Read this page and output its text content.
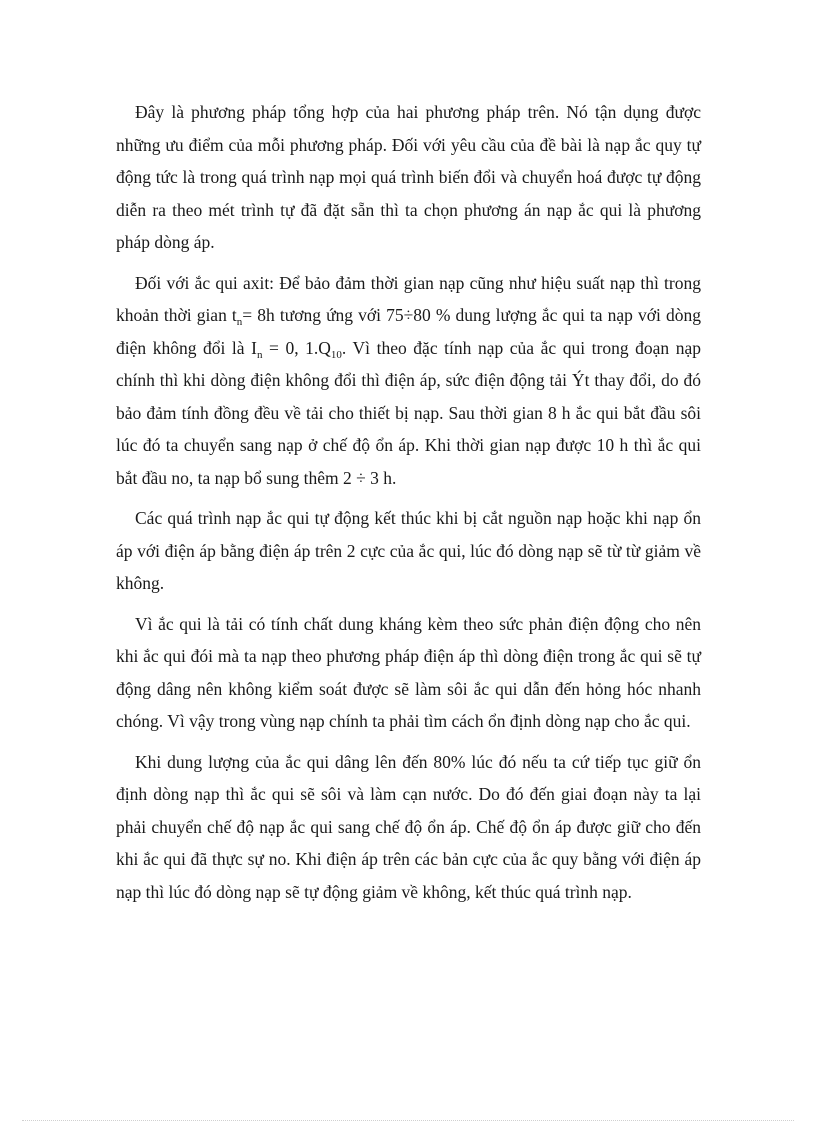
Đây là phương pháp tổng hợp của hai phương pháp trên. Nó tận dụng được những ưu điểm của mỗi phương pháp. Đối với yêu cầu của đề bài là nạp ắc quy tự động tức là trong quá trình nạp mọi quá trình biến đổi và chuyển hoá được tự động diễn ra theo mét trình tự đã đặt sẵn thì ta chọn phương án nạp ắc qui là phương pháp dòng áp.

Đối với ắc qui axit: Để bảo đảm thời gian nạp cũng như hiệu suất nạp thì trong khoản thời gian $t_n= 8h$ tương ứng với 75÷80 % dung lượng ắc qui ta nạp với dòng điện không đổi là $I_n = 0$, $1.Q_{10}$. Vì theo đặc tính nạp của ắc qui trong đoạn nạp chính thì khi dòng điện không đổi thì điện áp, sức điện động tải Ýt thay đổi, do đó bảo đảm tính đồng đều về tải cho thiết bị nạp. Sau thời gian 8 h ắc qui bắt đầu sôi lúc đó ta chuyển sang nạp ở chế độ ổn áp. Khi thời gian nạp được 10 h thì ắc qui bắt đầu no, ta nạp bổ sung thêm 2 ÷ 3 h.

Các quá trình nạp ắc qui tự động kết thúc khi bị cắt nguồn nạp hoặc khi nạp ổn áp với điện áp bằng điện áp trên 2 cực của ắc qui, lúc đó dòng nạp sẽ từ từ giảm về không.

Vì ắc qui là tải có tính chất dung kháng kèm theo sức phản điện động cho nên khi ắc qui đói mà ta nạp theo phương pháp điện áp thì dòng điện trong ắc qui sẽ tự động dâng nên không kiểm soát được sẽ làm sôi ắc qui dẫn đến hỏng hóc nhanh chóng. Vì vậy trong vùng nạp chính ta phải tìm cách ổn định dòng nạp cho ắc qui.

Khi dung lượng của ắc qui dâng lên đến 80% lúc đó nếu ta cứ tiếp tục giữ ổn định dòng nạp thì ắc qui sẽ sôi và làm cạn nước. Do đó đến giai đoạn này ta lại phải chuyển chế độ nạp ắc qui sang chế độ ổn áp. Chế độ ổn áp được giữ cho đến khi ắc qui đã thực sự no. Khi điện áp trên các bản cực của ắc quy bằng với điện áp nạp thì lúc đó dòng nạp sẽ tự động giảm về không, kết thúc quá trình nạp.
